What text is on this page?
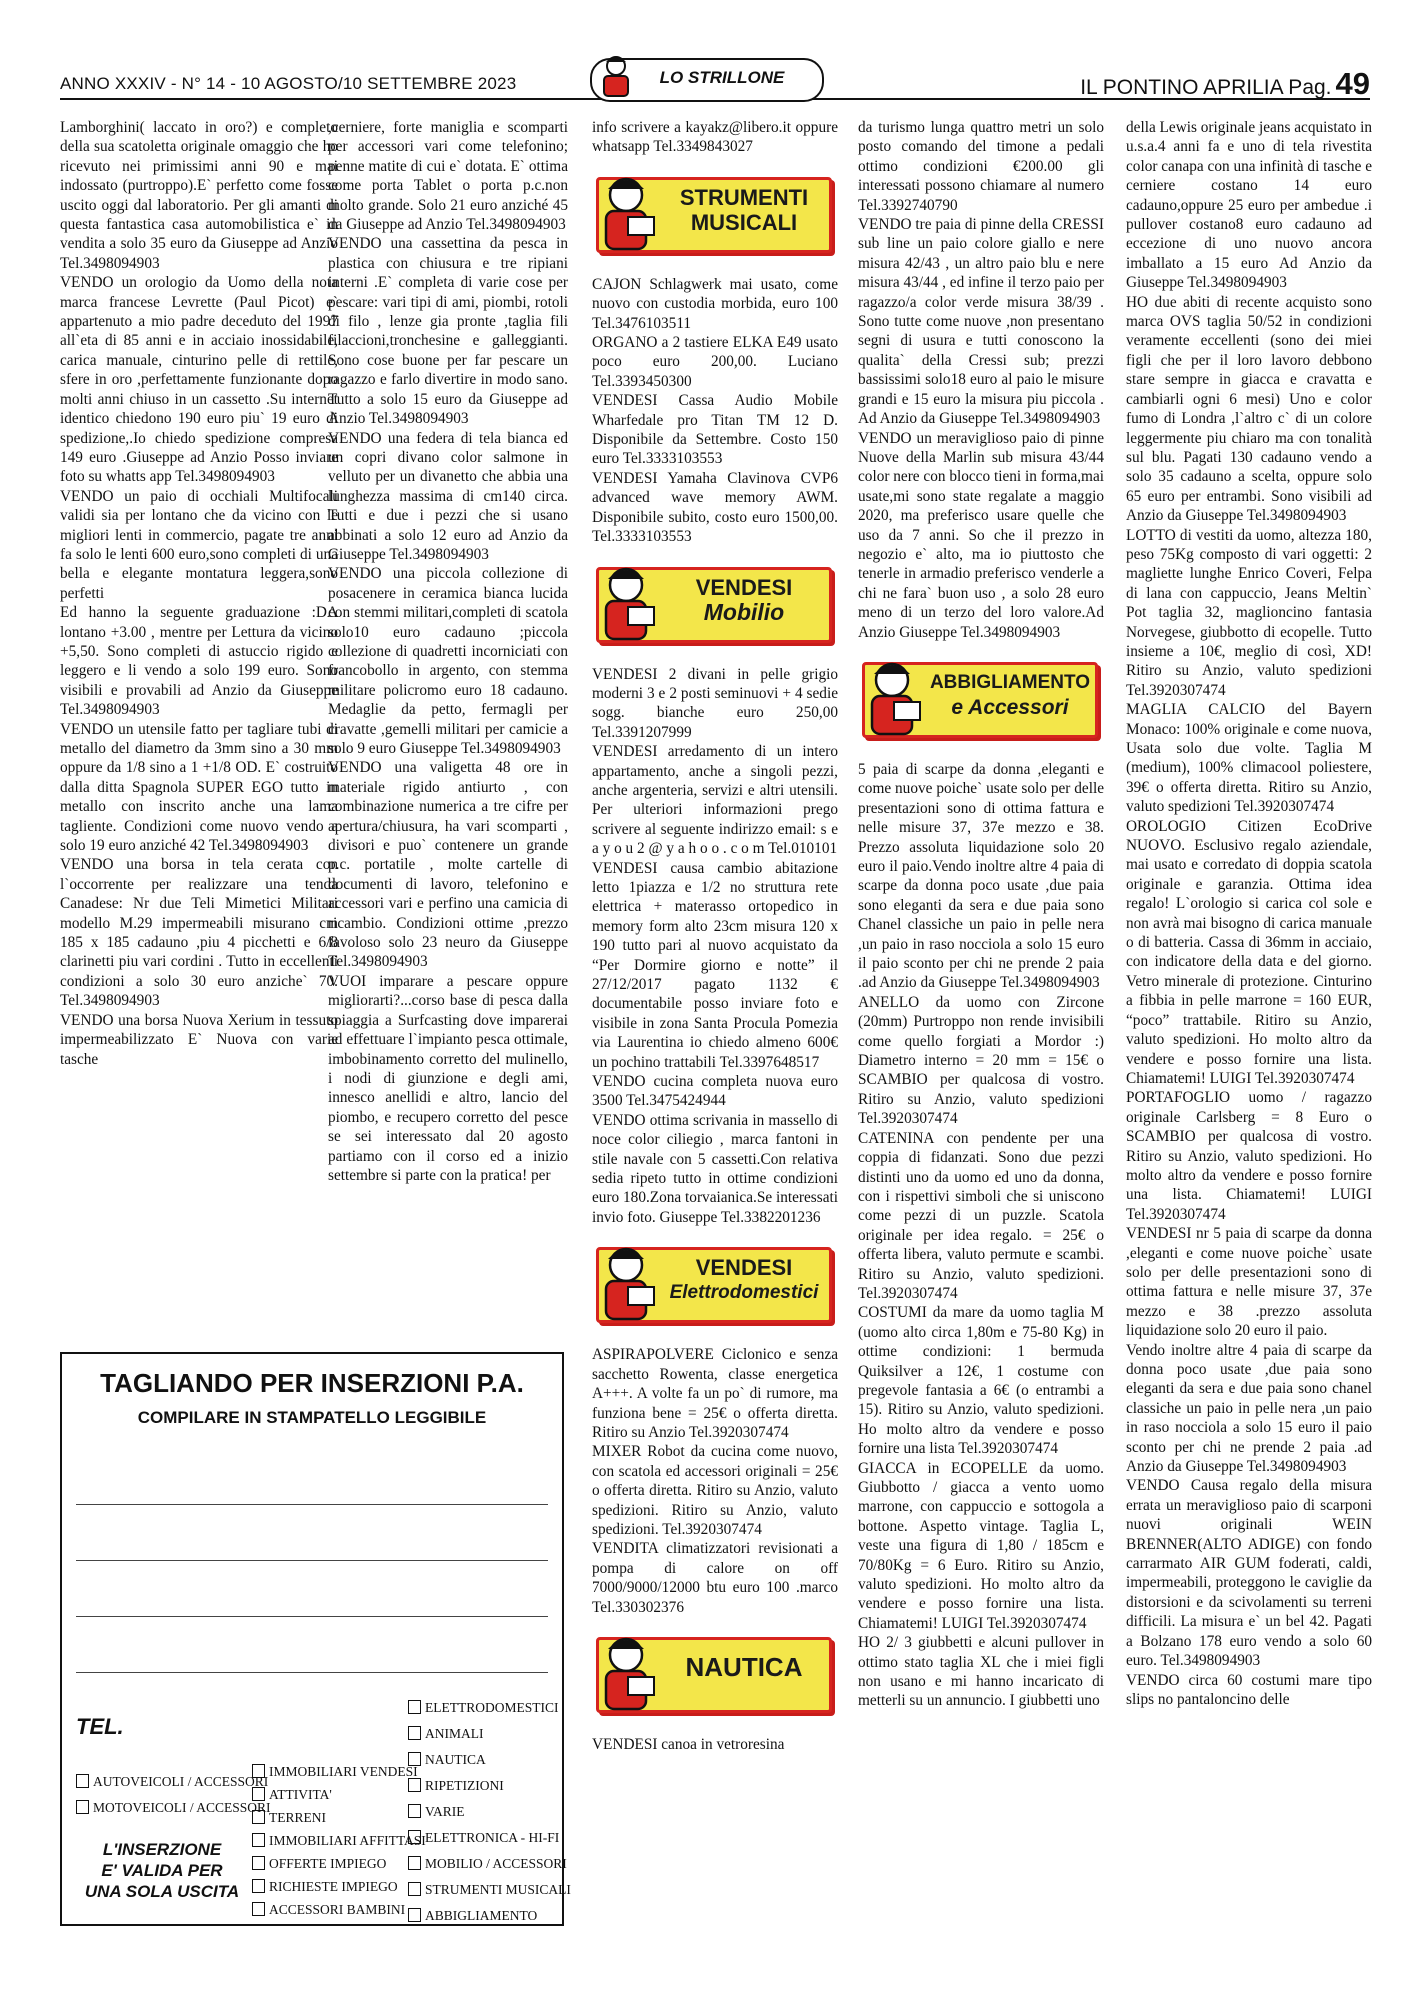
ANNO XXXIV - N° 14 - 10 AGOSTO/10 SETTEMBRE 2023	IL PONTINO APRILIA Pag. 49
LO STRILLONE

Lamborghini( laccato in oro?) e completo della sua scatoletta originale omaggio che ho ricevuto nei primissimi anni 90 e mai indossato (purtroppo).E` perfetto come fosse uscito oggi dal laboratorio. Per gli amanti di questa fantastica casa automobilistica e` in vendita a solo 35 euro da Giuseppe ad Anzio Tel.3498094903

VENDO un orologio da Uomo della nota marca francese Levrette (Paul Picot) e` appartenuto a mio padre deceduto del 1997 all`eta di 85 anni e in acciaio inossidabile, carica manuale, cinturino pelle di rettile, sfere in oro ,perfettamente funzionante dopo molti anni chiuso in un cassetto .Su internet identico chiedono 190 euro piu` 19 euro di spedizione,.Io chiedo spedizione compresa 149 euro .Giuseppe ad Anzio Posso inviare foto su whatts app Tel.3498094903

VENDO un paio di occhiali Multifocali validi sia per lontano che da vicino con le migliori lenti in commercio, pagate tre anni fa solo le lenti 600 euro,sono completi di una bella e elegante montatura leggera,sono perfetti

Ed hanno la seguente graduazione :DA lontano +3.00 , mentre per Lettura da vicino +5,50. Sono completi di astuccio rigido e leggero e li vendo a solo 199 euro. Sono visibili e provabili ad Anzio da Giuseppe Tel.3498094903

VENDO un utensile fatto per tagliare tubi di metallo del diametro da 3mm sino a 30 mm oppure da 1/8 sino a 1 +1/8 OD. E` costruito dalla ditta Spagnola SUPER EGO tutto in metallo con inscrito anche una lama tagliente. Condizioni come nuovo vendo a solo 19 euro anziché 42 Tel.3498094903

VENDO una borsa in tela cerata con l`occorrente per realizzare una tenda Canadese: Nr due Teli Mimetici Militari modello M.29 impermeabili misurano cm 185 x 185 cadauno ,piu 4 picchetti e 6/8 clarinetti piu vari cordini . Tutto in eccellenti condizioni a solo 30 euro anziche` 70. Tel.3498094903

VENDO una borsa Nuova Xerium in tessuto impermeabilizzato E` Nuova con varie tasche

,cerniere, forte maniglia e scomparti per accessori vari come telefonino; penne matite di cui e` dotata. E` ottima come porta Tablet o porta p.c.non molto grande. Solo 21 euro anziché 45 da Giuseppe ad Anzio Tel.3498094903

VENDO una cassettina da pesca in plastica con chiusura e tre ripiani interni .E` completa di varie cose per pescare: vari tipi di ami, piombi, rotoli di filo , lenze gia pronte ,taglia fili filaccioni,tronchesine e galleggianti. Sono cose buone per far pescare un ragazzo e farlo divertire in modo sano. Tutto a solo 15 euro da Giuseppe ad Anzio Tel.3498094903

VENDO una federa di tela bianca ed un copri divano color salmone in velluto per un divanetto che abbia una lunghezza massima di cm140 circa. Tutti e due i pezzi che si usano abbinati a solo 12 euro ad Anzio da Giuseppe Tel.3498094903

VENDO una piccola collezione di posacenere in ceramica bianca lucida con stemmi militari,completi di scatola solo10 euro cadauno ;piccola collezione di quadretti incorniciati con francobollo in argento, con stemma militare policromo euro 18 cadauno. Medaglie da petto, fermagli per cravatte ,gemelli militari per camicie a solo 9 euro Giuseppe Tel.3498094903

VENDO una valigetta 48 ore in materiale rigido antiurto , con combinazione numerica a tre cifre per apertura/chiusura, ha vari scomparti , divisori e puo` contenere un grande p.c. portatile , molte cartelle di documenti di lavoro, telefonino e accessori vari e perfino una camicia di ricambio. Condizioni ottime ,prezzo favoloso solo 23 neuro da Giuseppe Tel.3498094903

VUOI imparare a pescare oppure migliorarti?...corso base di pesca dalla spiaggia a Surfcasting dove imparerai ad effettuare l`impianto pesca ottimale, imbobinamento corretto del mulinello, i nodi di giunzione e degli ami, innesco anellidi e altro, lancio del piombo, e recupero corretto del pesce se sei interessato dal 20 agosto partiamo con il corso ed a inizio settembre si parte con la pratica! per

info scrivere a kayakz@libero.it oppure whatsapp Tel.3349843027

STRUMENTI
MUSICALI

CAJON Schlagwerk mai usato, come nuovo con custodia morbida, euro 100 Tel.3476103511

ORGANO a 2 tastiere ELKA E49 usato poco euro 200,00. Luciano Tel.3393450300

VENDESI Cassa Audio Mobile Wharfedale pro Titan TM 12 D. Disponibile da Settembre. Costo 150 euro Tel.3333103553

VENDESI Yamaha Clavinova CVP6 advanced wave memory AWM. Disponibile subito, costo euro 1500,00. Tel.3333103553

VENDESI
Mobilio

VENDESI 2 divani in pelle grigio moderni 3 e 2 posti seminuovi + 4 sedie sogg. bianche euro 250,00 Tel.3391207999

VENDESI arredamento di un intero appartamento, anche a singoli pezzi, anche argenteria, servizi e altri utensili. Per ulteriori informazioni prego scrivere al seguente indirizzo email: s e a y o u 2 @ y a h o o . c o m Tel.010101

VENDESI causa cambio abitazione letto 1piazza e 1/2 no struttura rete elettrica + materasso ortopedico in memory form alto 23cm misura 120 x 190 tutto pari al nuovo acquistato da “Per Dormire giorno e notte” il 27/12/2017 pagato 1132 € documentabile posso inviare foto e visibile in zona Santa Procula Pomezia via Laurentina io chiedo almeno 600€ un pochino trattabili Tel.3397648517

VENDO cucina completa nuova euro 3500 Tel.3475424944

VENDO ottima scrivania in massello di noce color ciliegio , marca fantoni in stile navale con 5 cassetti.Con relativa sedia ripeto tutto in ottime condizioni euro 180.Zona torvaianica.Se interessati invio foto. Giuseppe Tel.3382201236

VENDESI
Elettrodomestici

ASPIRAPOLVERE Ciclonico e senza sacchetto Rowenta, classe energetica A+++. A volte fa un po` di rumore, ma funziona bene = 25€ o offerta diretta. Ritiro su Anzio Tel.3920307474

MIXER Robot da cucina come nuovo, con scatola ed accessori originali = 25€ o offerta diretta. Ritiro su Anzio, valuto spedizioni. Ritiro su Anzio, valuto spedizioni. Tel.3920307474

VENDITA climatizzatori revisionati a pompa di calore on off 7000/9000/12000 btu euro 100 .marco Tel.330302376

NAUTICA

VENDESI canoa in vetroresina

da turismo lunga quattro metri un solo posto comando del timone a pedali ottimo condizioni €200.00 gli interessati possono chiamare al numero Tel.3392740790

VENDO tre paia di pinne della CRESSI sub line un paio colore giallo e nere misura 42/43 , un altro paio blu e nere misura 43/44 , ed infine il terzo paio per ragazzo/a color verde misura 38/39 . Sono tutte come nuove ,non presentano segni di usura e tutti conoscono la qualita` della Cressi sub; prezzi bassissimi solo18 euro al paio le misure grandi e 15 euro la misura piu piccola . Ad Anzio da Giuseppe Tel.3498094903

VENDO un meraviglioso paio di pinne Nuove della Marlin sub misura 43/44 color nere con blocco tieni in forma,mai usate,mi sono state regalate a maggio 2020, ma preferisco usare quelle che uso da 7 anni. So che il prezzo in negozio e` alto, ma io piuttosto che tenerle in armadio preferisco venderle a chi ne fara` buon uso , a solo 28 euro meno di un terzo del loro valore.Ad Anzio Giuseppe Tel.3498094903

ABBIGLIAMENTO
e Accessori

5 paia di scarpe da donna ,eleganti e come nuove poiche` usate solo per delle presentazioni sono di ottima fattura e nelle misure 37, 37e mezzo e 38. Prezzo assoluta liquidazione solo 20 euro il paio.Vendo inoltre altre 4 paia di scarpe da donna poco usate ,due paia sono eleganti da sera e due paia sono Chanel classiche un paio in pelle nera ,un paio in raso nocciola a solo 15 euro il paio sconto per chi ne prende 2 paia .ad Anzio da Giuseppe Tel.3498094903

ANELLO da uomo con Zircone (20mm) Purtroppo non rende invisibili come quello forgiati a Mordor :) Diametro interno = 20 mm = 15€ o SCAMBIO per qualcosa di vostro. Ritiro su Anzio, valuto spedizioni Tel.3920307474

CATENINA con pendente per una coppia di fidanzati. Sono due pezzi distinti uno da uomo ed uno da donna, con i rispettivi simboli che si uniscono come pezzi di un puzzle. Scatola originale per idea regalo. = 25€ o offerta libera, valuto permute e scambi. Ritiro su Anzio, valuto spedizioni. Tel.3920307474

COSTUMI da mare da uomo taglia M (uomo alto circa 1,80m e 75-80 Kg) in ottime condizioni: 1 bermuda Quiksilver a 12€, 1 costume con pregevole fantasia a 6€ (o entrambi a 15). Ritiro su Anzio, valuto spedizioni. Ho molto altro da vendere e posso fornire una lista Tel.3920307474

GIACCA in ECOPELLE da uomo. Giubbotto / giacca a vento uomo marrone, con cappuccio e sottogola a bottone. Aspetto vintage. Taglia L, veste una figura di 1,80 / 185cm e 70/80Kg = 6 Euro. Ritiro su Anzio, valuto spedizioni. Ho molto altro da vendere e posso fornire una lista. Chiamatemi! LUIGI Tel.3920307474

HO 2/ 3 giubbetti e alcuni pullover in ottimo stato taglia XL che i miei figli non usano e mi hanno incaricato di metterli su un annuncio. I giubbetti uno

della Lewis originale jeans acquistato in u.s.a.4 anni fa e uno di tela rivestita color canapa con una infinità di tasche e cerniere costano 14 euro cadauno,oppure 25 euro per ambedue .i pullover costano8 euro cadauno ad eccezione di uno nuovo ancora imballato a 15 euro Ad Anzio da Giuseppe Tel.3498094903

HO due abiti di recente acquisto sono marca OVS taglia 50/52 in condizioni veramente eccellenti (sono dei miei figli che per il loro lavoro debbono stare sempre in giacca e cravatta e cambiarli ogni 6 mesi) Uno e color fumo di Londra ,l`altro c` di un colore leggermente piu chiaro ma con tonalità sul blu. Pagati 130 cadauno vendo a solo 35 cadauno a scelta, oppure solo 65 euro per entrambi. Sono visibili ad Anzio da Giuseppe Tel.3498094903

LOTTO di vestiti da uomo, altezza 180, peso 75Kg composto di vari oggetti: 2 magliette lunghe Enrico Coveri, Felpa di lana con cappuccio, Jeans Meltin` Pot taglia 32, maglioncino fantasia Norvegese, giubbotto di ecopelle. Tutto insieme a 10€, meglio di così, XD! Ritiro su Anzio, valuto spedizioni Tel.3920307474

MAGLIA CALCIO del Bayern Monaco: 100% originale e come nuova, Usata solo due volte. Taglia M (medium), 100% climacool poliestere, 39€ o offerta diretta. Ritiro su Anzio, valuto spedizioni Tel.3920307474

OROLOGIO Citizen EcoDrive NUOVO. Esclusivo regalo aziendale, mai usato e corredato di doppia scatola originale e garanzia. Ottima idea regalo! L`orologio si carica col sole e non avrà mai bisogno di carica manuale o di batteria. Cassa di 36mm in acciaio, con indicatore della data e del giorno. Vetro minerale di protezione. Cinturino a fibbia in pelle marrone = 160 EUR, “poco” trattabile. Ritiro su Anzio, valuto spedizioni. Ho molto altro da vendere e posso fornire una lista. Chiamatemi! LUIGI Tel.3920307474

PORTAFOGLIO uomo / ragazzo originale Carlsberg = 8 Euro o SCAMBIO per qualcosa di vostro. Ritiro su Anzio, valuto spedizioni. Ho molto altro da vendere e posso fornire una lista. Chiamatemi! LUIGI Tel.3920307474

VENDESI nr 5 paia di scarpe da donna ,eleganti e come nuove poiche` usate solo per delle presentazioni sono di ottima fattura e nelle misure 37, 37e mezzo e 38 .prezzo assoluta liquidazione solo 20 euro il paio.

Vendo inoltre altre 4 paia di scarpe da donna poco usate ,due paia sono eleganti da sera e due paia sono chanel classiche un paio in pelle nera ,un paio in raso nocciola a solo 15 euro il paio sconto per chi ne prende 2 paia .ad Anzio da Giuseppe Tel.3498094903

VENDO Causa regalo della misura errata un meraviglioso paio di scarponi nuovi originali WEIN BRENNER(ALTO ADIGE) con fondo carrarmato AIR GUM foderati, caldi, impermeabili, proteggono le caviglie da distorsioni e da scivolamenti su terreni difficili. La misura e` un bel 42. Pagati a Bolzano 178 euro vendo a solo 60 euro. Tel.3498094903

VENDO circa 60 costumi mare tipo slips no pantaloncino delle

TAGLIANDO PER INSERZIONI P.A.
COMPILARE IN STAMPATELLO LEGGIBILE
TEL.
AUTOVEICOLI / ACCESSORI
MOTOVEICOLI / ACCESSORI
IMMOBILIARI VENDESI
ATTIVITA'
TERRENI
IMMOBILIARI AFFITTASI
OFFERTE IMPIEGO
RICHIESTE IMPIEGO
ACCESSORI BAMBINI
ELETTRODOMESTICI
ANIMALI
NAUTICA
RIPETIZIONI
VARIE
ELETTRONICA - HI-FI
MOBILIO / ACCESSORI
STRUMENTI MUSICALI
ABBIGLIAMENTO
L'INSERZIONE
E' VALIDA PER
UNA SOLA USCITA
